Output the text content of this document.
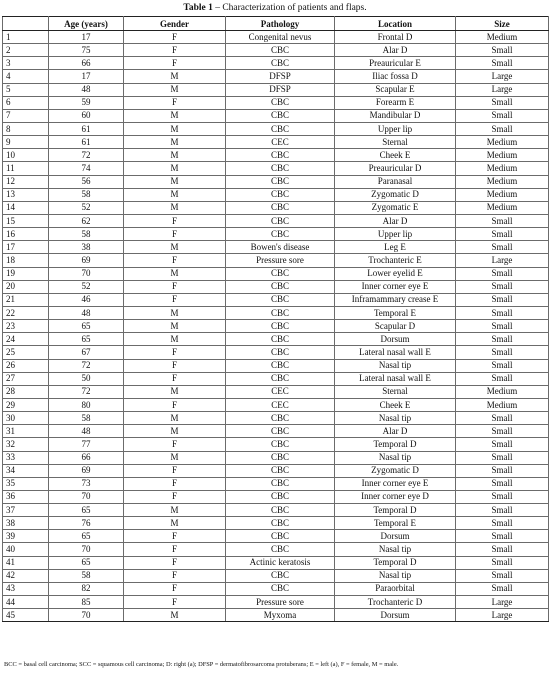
Table 1 – Characterization of patients and flaps.
	Age (years)	Gender	Pathology	Location	Size
1	17	F	Congenital nevus	Frontal D	Medium
2	75	F	CBC	Alar D	Small
3	66	F	CBC	Preauricular E	Small
4	17	M	DFSP	Iliac fossa D	Large
5	48	M	DFSP	Scapular E	Large
6	59	F	CBC	Forearm E	Small
7	60	M	CBC	Mandibular D	Small
8	61	M	CBC	Upper lip	Small
9	61	M	CEC	Sternal	Medium
10	72	M	CBC	Cheek E	Medium
11	74	M	CBC	Preauricular D	Medium
12	56	M	CBC	Paranasal	Medium
13	58	M	CBC	Zygomatic D	Medium
14	52	M	CBC	Zygomatic E	Medium
15	62	F	CBC	Alar D	Small
16	58	F	CBC	Upper lip	Small
17	38	M	Bowen's disease	Leg E	Small
18	69	F	Pressure sore	Trochanteric E	Large
19	70	M	CBC	Lower eyelid E	Small
20	52	F	CBC	Inner corner eye E	Small
21	46	F	CBC	Inframammary crease E	Small
22	48	M	CBC	Temporal E	Small
23	65	M	CBC	Scapular D	Small
24	65	M	CBC	Dorsum	Small
25	67	F	CBC	Lateral nasal wall E	Small
26	72	F	CBC	Nasal tip	Small
27	50	F	CBC	Lateral nasal wall E	Small
28	72	M	CEC	Sternal	Medium
29	80	F	CEC	Cheek E	Medium
30	58	M	CBC	Nasal tip	Small
31	48	M	CBC	Alar D	Small
32	77	F	CBC	Temporal D	Small
33	66	M	CBC	Nasal tip	Small
34	69	F	CBC	Zygomatic D	Small
35	73	F	CBC	Inner corner eye E	Small
36	70	F	CBC	Inner corner eye D	Small
37	65	M	CBC	Temporal D	Small
38	76	M	CBC	Temporal E	Small
39	65	F	CBC	Dorsum	Small
40	70	F	CBC	Nasal tip	Small
41	65	F	Actinic keratosis	Temporal D	Small
42	58	F	CBC	Nasal tip	Small
43	82	F	CBC	Paraorbital	Small
44	85	F	Pressure sore	Trochanteric D	Large
45	70	M	Myxoma	Dorsum	Large
BCC = basal cell carcinoma; SCC = squamous cell carcinoma; D: right (a); DFSP = dermatofibrosarcoma protuberans; E = left (a), F = female, M = male.
